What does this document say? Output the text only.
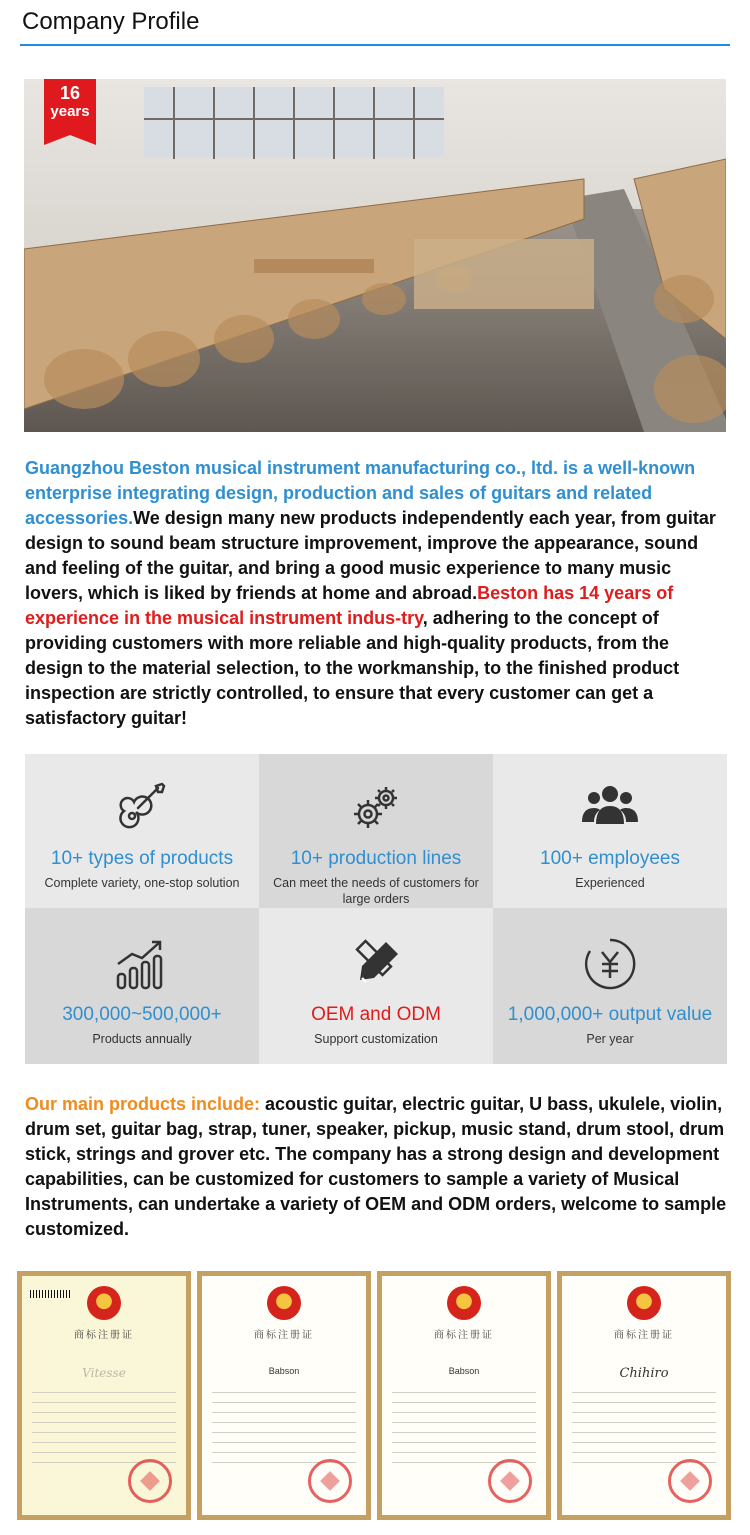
Company Profile
16
years
Guangzhou Beston musical instrument manufacturing co., ltd. is a well-known enterprise integrating design, production and sales of guitars and related accessories.We design many new products independently each year, from guitar design to sound beam structure improvement, improve the appearance, sound and feeling of the guitar, and bring a good music experience to many music lovers, which is liked by friends at home and abroad.Beston has 14 years of experience in the musical instrument indus-try, adhering to the concept of providing customers with more reliable and high-quality products, from the design to the material selection, to the workmanship, to the finished product inspection are strictly controlled, to ensure that every customer can get a satisfactory guitar!
10+ types of products
Complete variety, one-stop solution
10+ production lines
Can meet the needs of customers for large orders
100+ employees
Experienced
300,000~500,000+
Products annually
OEM and ODM
Support customization
1,000,000+ output value
Per year
Our main products include: acoustic guitar, electric guitar, U bass, ukulele, violin, drum set, guitar bag, strap, tuner, speaker, pickup, music stand, drum stool, drum stick, strings and grover etc. The company has a strong design and development capabilities, can be customized for customers to sample a variety of Musical Instruments, can undertake a variety of OEM and ODM orders, welcome to sample customized.
商标注册证
Vitesse
商标注册证
Babson
商标注册证
Babson
商标注册证
Chihiro
